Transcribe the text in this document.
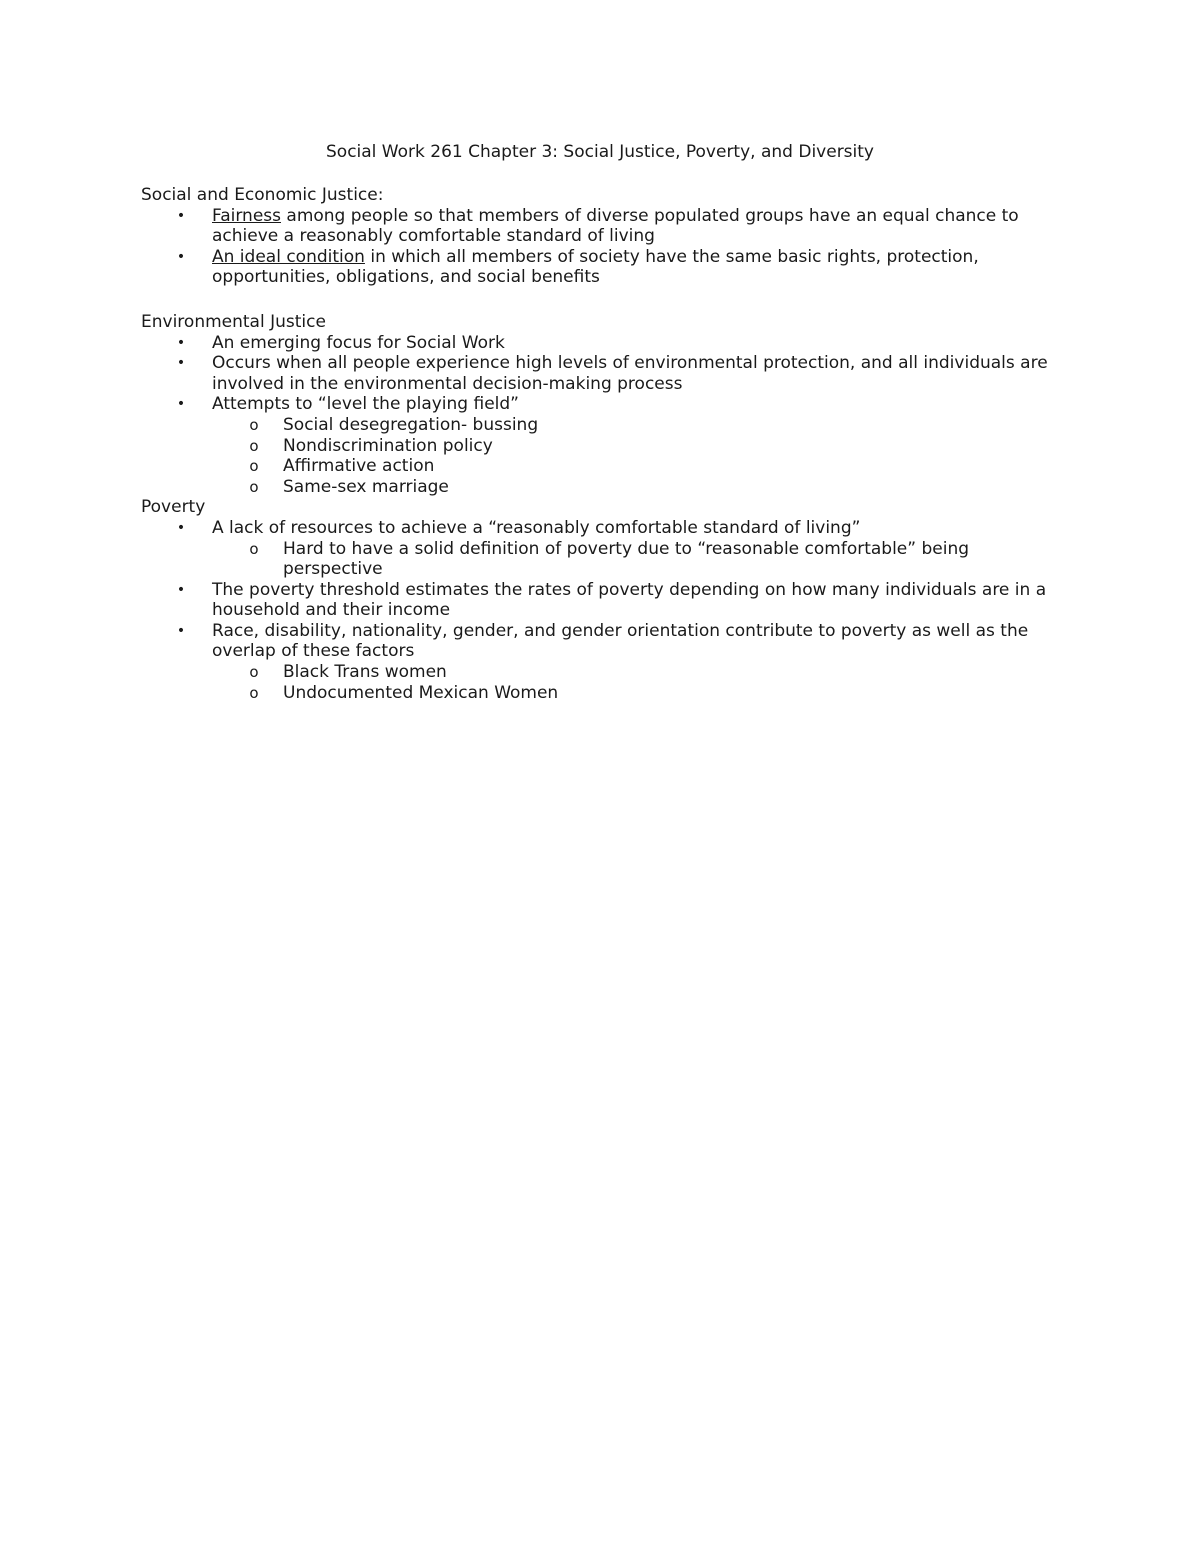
Social Work 261 Chapter 3: Social Justice, Poverty, and Diversity
Social and Economic Justice:
• Fairness among people so that members of diverse populated groups have an equal chance to achieve a reasonably comfortable standard of living
• An ideal condition in which all members of society have the same basic rights, protection, opportunities, obligations, and social benefits
Environmental Justice
• An emerging focus for Social Work
• Occurs when all people experience high levels of environmental protection, and all individuals are involved in the environmental decision-making process
• Attempts to “level the playing field”
o Social desegregation- bussing
o Nondiscrimination policy
o Affirmative action
o Same-sex marriage
Poverty
• A lack of resources to achieve a “reasonably comfortable standard of living”
o Hard to have a solid definition of poverty due to “reasonable comfortable” being perspective
• The poverty threshold estimates the rates of poverty depending on how many individuals are in a household and their income
• Race, disability, nationality, gender, and gender orientation contribute to poverty as well as the overlap of these factors
o Black Trans women
o Undocumented Mexican Women
